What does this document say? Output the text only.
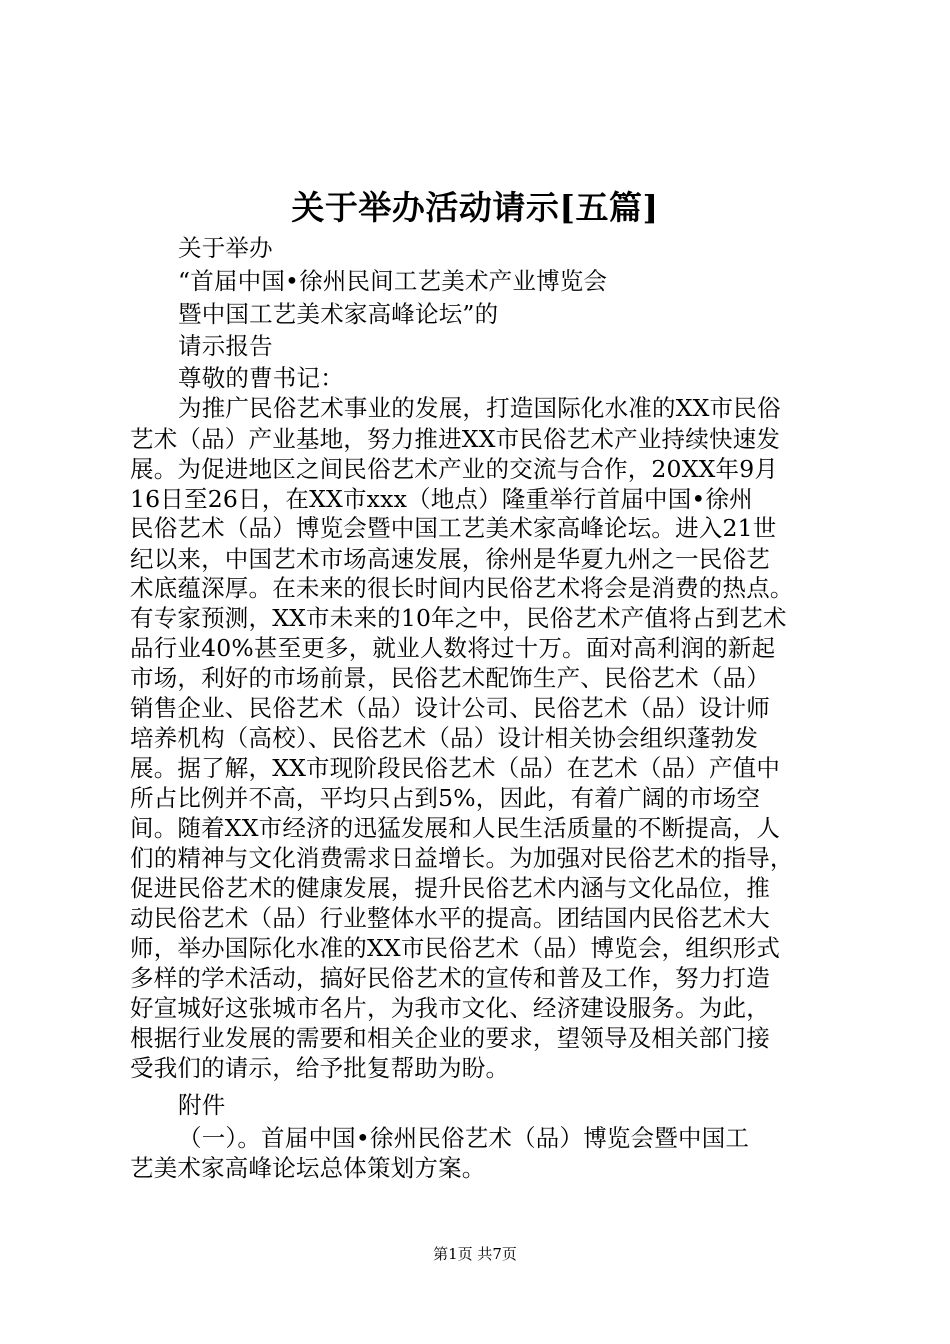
关于举办活动请示[五篇]
关于举办
“首届中国•徐州民间工艺美术产业博览会
暨中国工艺美术家高峰论坛”的
请示报告
尊敬的曹书记：
为推广民俗艺术事业的发展，打造国际化水准的XX市民俗
艺术（品）产业基地，努力推进XX市民俗艺术产业持续快速发
展。为促进地区之间民俗艺术产业的交流与合作，20XX年9月
16日至26日，在XX市xxx（地点）隆重举行首届中国•徐州
民俗艺术（品）博览会暨中国工艺美术家高峰论坛。进入21世
纪以来，中国艺术市场高速发展，徐州是华夏九州之一民俗艺
术底蕴深厚。在未来的很长时间内民俗艺术将会是消费的热点。
有专家预测，XX市未来的10年之中，民俗艺术产值将占到艺术
品行业40%甚至更多，就业人数将过十万。面对高利润的新起
市场，利好的市场前景，民俗艺术配饰生产、民俗艺术（品）
销售企业、民俗艺术（品）设计公司、民俗艺术（品）设计师
培养机构（高校）、民俗艺术（品）设计相关协会组织蓬勃发
展。据了解，XX市现阶段民俗艺术（品）在艺术（品）产值中
所占比例并不高，平均只占到5%，因此，有着广阔的市场空
间。随着XX市经济的迅猛发展和人民生活质量的不断提高，人
们的精神与文化消费需求日益增长。为加强对民俗艺术的指导，
促进民俗艺术的健康发展，提升民俗艺术内涵与文化品位，推
动民俗艺术（品）行业整体水平的提高。团结国内民俗艺术大
师，举办国际化水准的XX市民俗艺术（品）博览会，组织形式
多样的学术活动，搞好民俗艺术的宣传和普及工作，努力打造
好宣城好这张城市名片，为我市文化、经济建设服务。为此，
根据行业发展的需要和相关企业的要求，望领导及相关部门接
受我们的请示，给予批复帮助为盼。
附件
（一）。首届中国•徐州民俗艺术（品）博览会暨中国工
艺美术家高峰论坛总体策划方案。
第1页 共7页
